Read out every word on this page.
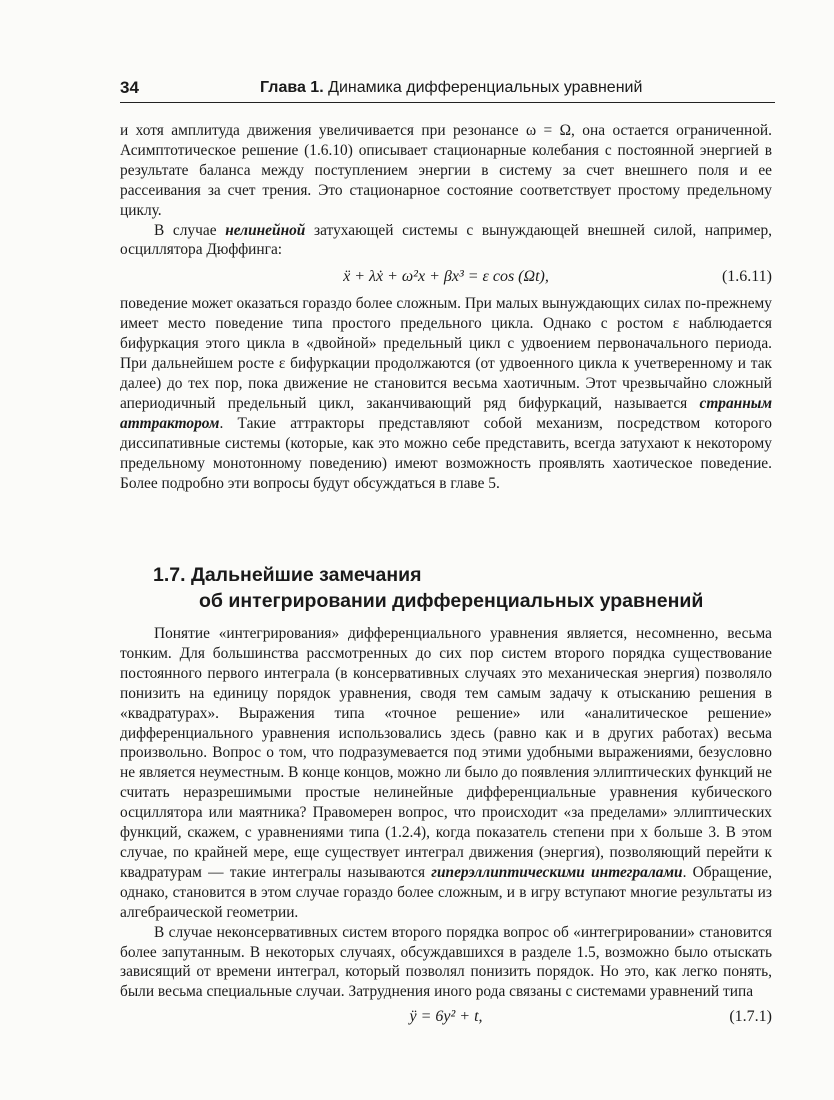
34	Глава 1. Динамика дифференциальных уравнений

и хотя амплитуда движения увеличивается при резонансе ω = Ω, она остается ограниченной. Асимптотическое решение (1.6.10) описывает стационарные колебания с постоянной энергией в результате баланса между поступлением энергии в систему за счет внешнего поля и ее рассеивания за счет трения. Это стационарное состояние соответствует простому предельному циклу.

В случае нелинейной затухающей системы с вынуждающей внешней силой, например, осциллятора Дюффинга:

ẍ + λẋ + ω²x + βx³ = ε cos (Ωt),	(1.6.11)

поведение может оказаться гораздо более сложным. При малых вынуждающих силах по-прежнему имеет место поведение типа простого предельного цикла. Однако с ростом ε наблюдается бифуркация этого цикла в «двойной» предельный цикл с удвоением первоначального периода. При дальнейшем росте ε бифуркации продолжаются (от удвоенного цикла к учетверенному и так далее) до тех пор, пока движение не становится весьма хаотичным. Этот чрезвычайно сложный апериодичный предельный цикл, заканчивающий ряд бифуркаций, называется странным аттрактором. Такие аттракторы представляют собой механизм, посредством которого диссипативные системы (которые, как это можно себе представить, всегда затухают к некоторому предельному монотонному поведению) имеют возможность проявлять хаотическое поведение. Более подробно эти вопросы будут обсуждаться в главе 5.

1.7. Дальнейшие замечания
об интегрировании дифференциальных уравнений

Понятие «интегрирования» дифференциального уравнения является, несомненно, весьма тонким. Для большинства рассмотренных до сих пор систем второго порядка существование постоянного первого интеграла (в консервативных случаях это механическая энергия) позволяло понизить на единицу порядок уравнения, сводя тем самым задачу к отысканию решения в «квадратурах». Выражения типа «точное решение» или «аналитическое решение» дифференциального уравнения использовались здесь (равно как и в других работах) весьма произвольно. Вопрос о том, что подразумевается под этими удобными выражениями, безусловно не является неуместным. В конце концов, можно ли было до появления эллиптических функций не считать неразрешимыми простые нелинейные дифференциальные уравнения кубического осциллятора или маятника? Правомерен вопрос, что происходит «за пределами» эллиптических функций, скажем, с уравнениями типа (1.2.4), когда показатель степени при x больше 3. В этом случае, по крайней мере, еще существует интеграл движения (энергия), позволяющий перейти к квадратурам — такие интегралы называются гиперэллиптическими интегралами. Обращение, однако, становится в этом случае гораздо более сложным, и в игру вступают многие результаты из алгебраической геометрии.

В случае неконсервативных систем второго порядка вопрос об «интегрировании» становится более запутанным. В некоторых случаях, обсуждавшихся в разделе 1.5, возможно было отыскать зависящий от времени интеграл, который позволял понизить порядок. Но это, как легко понять, были весьма специальные случаи. Затруднения иного рода связаны с системами уравнений типа

ÿ = 6y² + t,	(1.7.1)
